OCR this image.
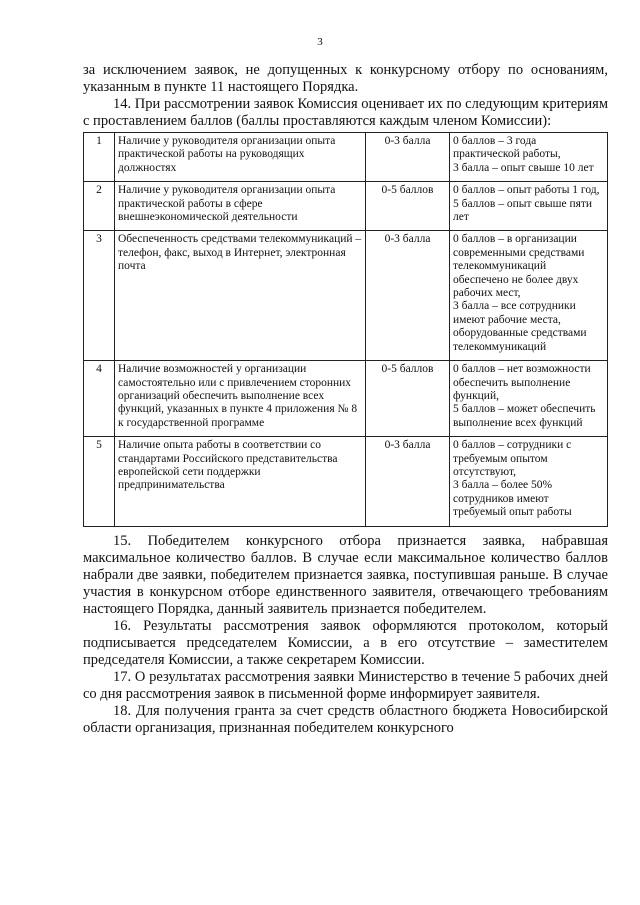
3

за исключением заявок, не допущенных к конкурсному отбору по основаниям, указанным в пункте 11 настоящего Порядка.

14. При рассмотрении заявок Комиссия оценивает их по следующим критериям с проставлением баллов (баллы проставляются каждым членом Комиссии):

1	Наличие у руководителя организации опыта практической работы на руководящих должностях	0-3 балла	0 баллов – 3 года практической работы,
3 балла – опыт свыше 10 лет
2	Наличие у руководителя организации опыта практической работы в сфере внешнеэкономической деятельности	0-5 баллов	0 баллов – опыт работы 1 год,
5 баллов – опыт свыше пяти лет
3	Обеспеченность средствами телекоммуникаций – телефон, факс, выход в Интернет, электронная почта	0-3 балла	0 баллов – в организации современными средствами телекоммуникаций обеспечено не более двух рабочих мест,
3 балла – все сотрудники имеют рабочие места, оборудованные средствами телекоммуникаций
4	Наличие возможностей у организации самостоятельно или с привлечением сторонних организаций обеспечить выполнение всех функций, указанных в пункте 4 приложения № 8
к государственной программе	0-5 баллов	0 баллов – нет возможности обеспечить выполнение функций,
5 баллов – может обеспечить выполнение всех функций
5	Наличие опыта работы в соответствии со стандартами Российского представительства европейской сети поддержки предпринимательства	0-3 балла	0 баллов – сотрудники с требуемым опытом отсутствуют,
3 балла – более 50% сотрудников имеют требуемый опыт работы

15. Победителем конкурсного отбора признается заявка, набравшая максимальное количество баллов. В случае если максимальное количество баллов набрали две заявки, победителем признается заявка, поступившая раньше. В случае участия в конкурсном отборе единственного заявителя, отвечающего требованиям настоящего Порядка, данный заявитель признается победителем.

16. Результаты рассмотрения заявок оформляются протоколом, который подписывается председателем Комиссии, а в его отсутствие – заместителем председателя Комиссии, а также секретарем Комиссии.

17. О результатах рассмотрения заявки Министерство в течение 5 рабочих дней со дня рассмотрения заявок в письменной форме информирует заявителя.

18. Для получения гранта за счет средств областного бюджета Новосибирской области организация, признанная победителем конкурсного
